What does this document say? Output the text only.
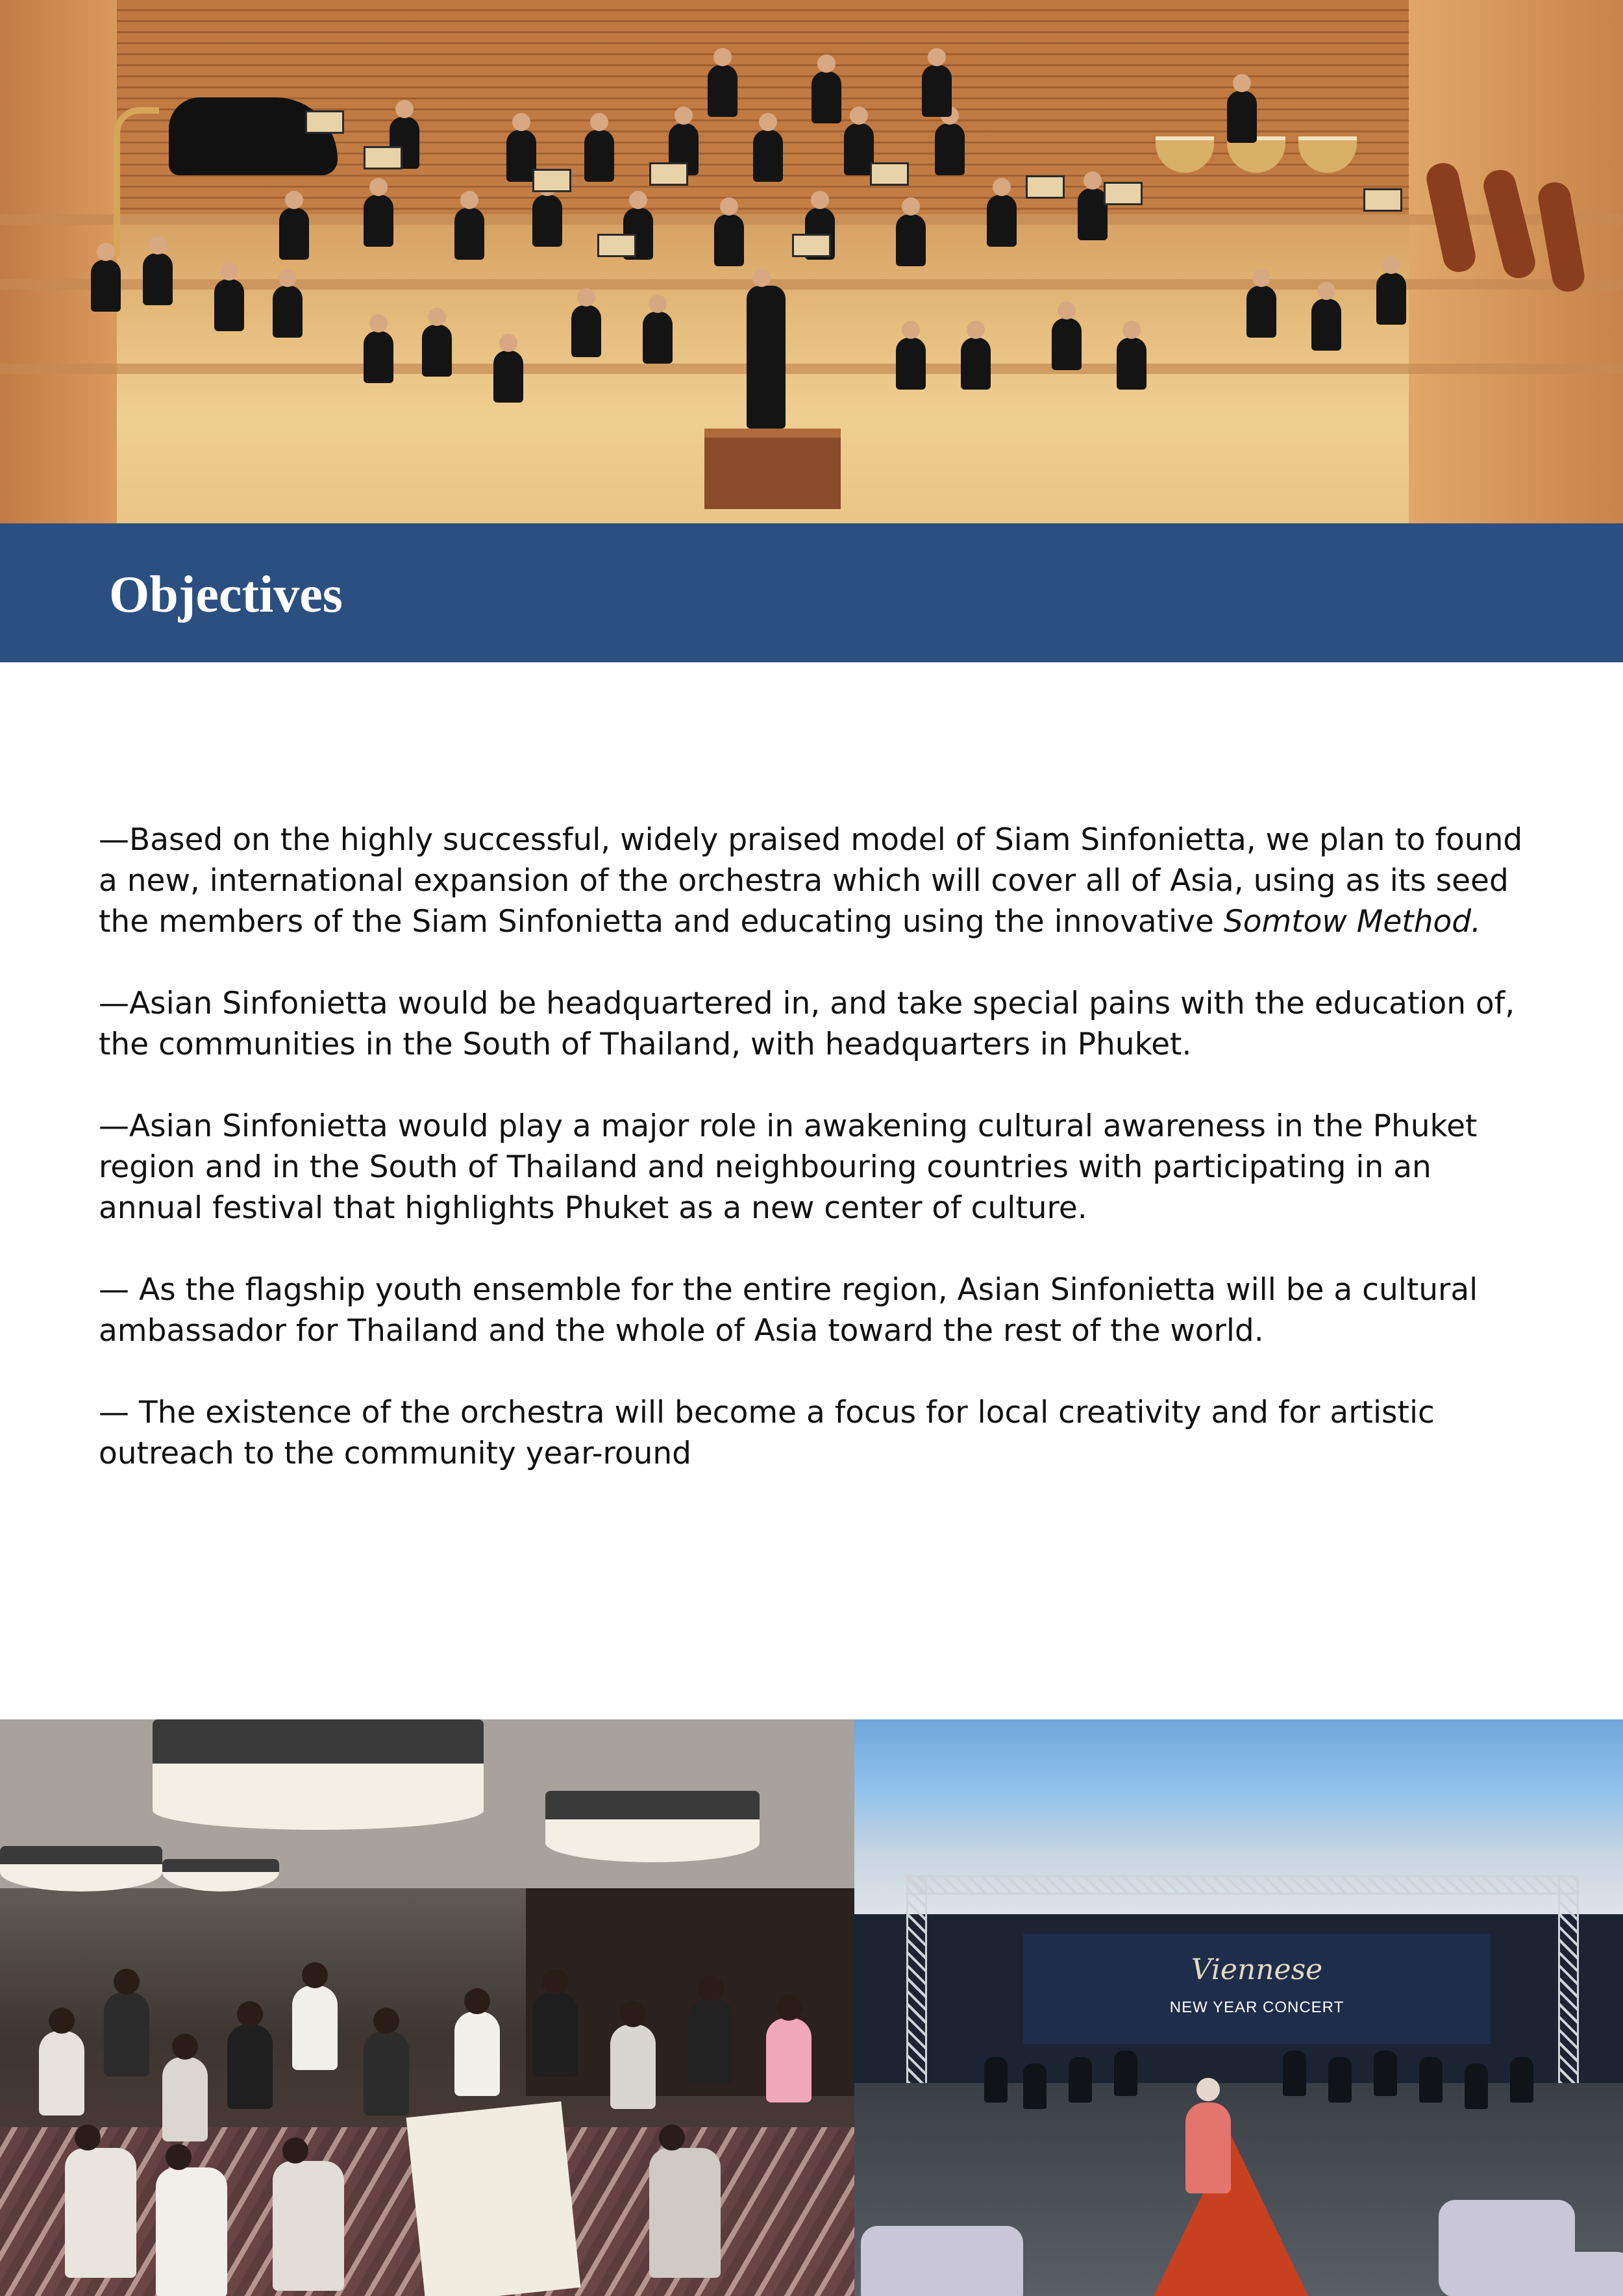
Objectives

—Based on the highly successful, widely praised model of Siam Sinfonietta, we plan to found a new, international expansion of the orchestra which will cover all of Asia, using as its seed the members of the Siam Sinfonietta and educating using the innovative Somtow Method.

—Asian Sinfonietta would be headquartered in, and take special pains with the education of, the communities in the South of Thailand, with headquarters in Phuket.

—Asian Sinfonietta would play a major role in awakening cultural awareness in the Phuket region and in the South of Thailand and neighbouring countries with participating in an annual festival that highlights Phuket as a new center of culture.

— As the flagship youth ensemble for the entire region, Asian Sinfonietta will be a cultural ambassador for Thailand and the whole of Asia toward the rest of the world.

— The existence of the orchestra will become a focus for local creativity and for artistic outreach to the community year-round

Viennese
NEW YEAR CONCERT
